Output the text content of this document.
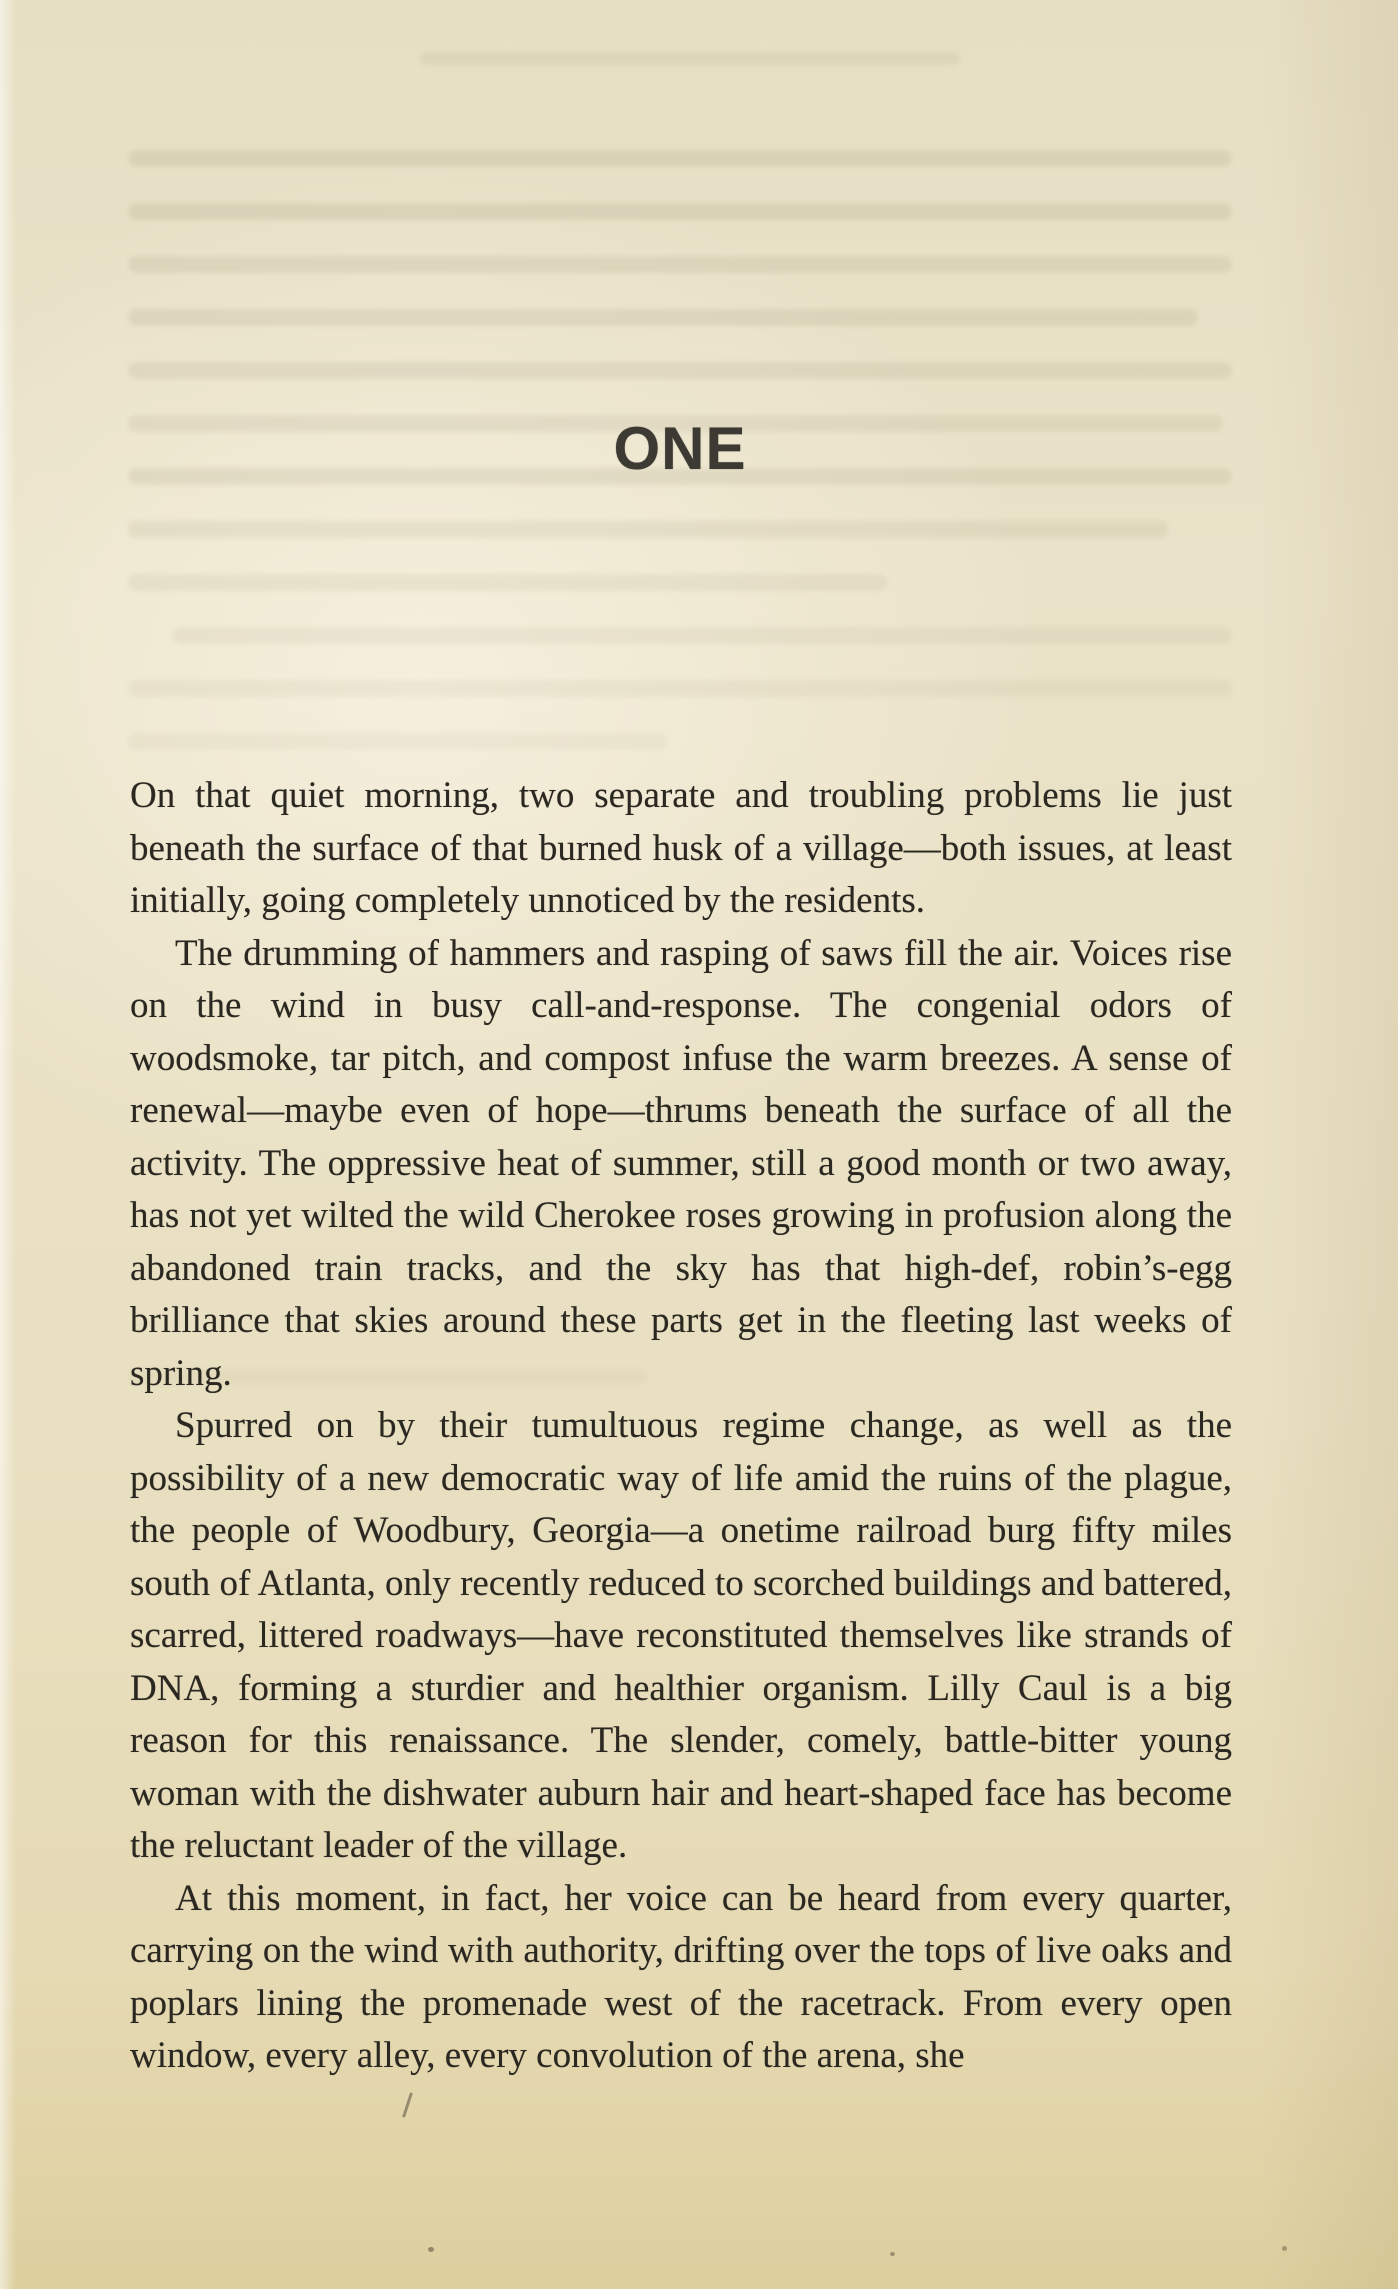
ONE

On that quiet morning, two separate and troubling problems lie just beneath the surface of that burned husk of a village—both issues, at least initially, going completely unnoticed by the residents.

The drumming of hammers and rasping of saws fill the air. Voices rise on the wind in busy call-and-response. The congenial odors of woodsmoke, tar pitch, and compost infuse the warm breezes. A sense of renewal—maybe even of hope—thrums beneath the surface of all the activity. The oppressive heat of summer, still a good month or two away, has not yet wilted the wild Cherokee roses growing in profusion along the abandoned train tracks, and the sky has that high-def, robin’s-egg brilliance that skies around these parts get in the fleeting last weeks of spring.

Spurred on by their tumultuous regime change, as well as the possibility of a new democratic way of life amid the ruins of the plague, the people of Woodbury, Georgia—a onetime railroad burg fifty miles south of Atlanta, only recently reduced to scorched buildings and battered, scarred, littered roadways—have reconstituted themselves like strands of DNA, forming a sturdier and healthier organism. Lilly Caul is a big reason for this renaissance. The slender, comely, battle-bitter young woman with the dishwater auburn hair and heart-shaped face has become the reluctant leader of the village.

At this moment, in fact, her voice can be heard from every quarter, carrying on the wind with authority, drifting over the tops of live oaks and poplars lining the promenade west of the racetrack. From every open window, every alley, every convolution of the arena, she
